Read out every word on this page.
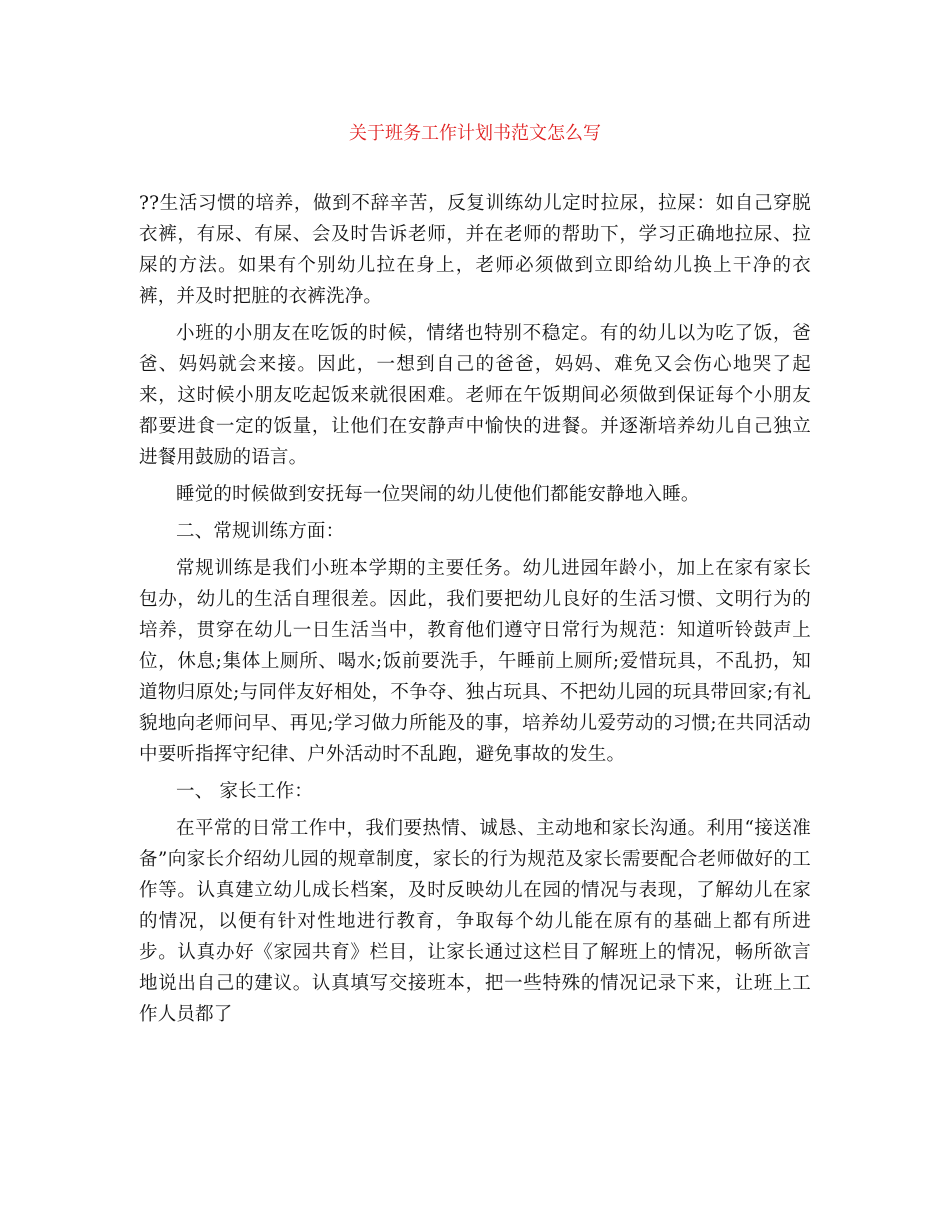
关于班务工作计划书范文怎么写

??生活习惯的培养，做到不辞辛苦，反复训练幼儿定时拉尿，拉屎：如自己穿脱衣裤，有尿、有屎、会及时告诉老师，并在老师的帮助下，学习正确地拉尿、拉屎的方法。如果有个别幼儿拉在身上，老师必须做到立即给幼儿换上干净的衣裤，并及时把脏的衣裤洗净。

小班的小朋友在吃饭的时候，情绪也特别不稳定。有的幼儿以为吃了饭，爸爸、妈妈就会来接。因此，一想到自己的爸爸，妈妈、难免又会伤心地哭了起来，这时候小朋友吃起饭来就很困难。老师在午饭期间必须做到保证每个小朋友都要进食一定的饭量，让他们在安静声中愉快的进餐。并逐渐培养幼儿自己独立进餐用鼓励的语言。

睡觉的时候做到安抚每一位哭闹的幼儿使他们都能安静地入睡。

二、常规训练方面：

常规训练是我们小班本学期的主要任务。幼儿进园年龄小，加上在家有家长包办，幼儿的生活自理很差。因此，我们要把幼儿良好的生活习惯、文明行为的培养，贯穿在幼儿一日生活当中，教育他们遵守日常行为规范：知道听铃鼓声上位，休息;集体上厕所、喝水;饭前要洗手，午睡前上厕所;爱惜玩具，不乱扔，知道物归原处;与同伴友好相处，不争夺、独占玩具、不把幼儿园的玩具带回家;有礼貌地向老师问早、再见;学习做力所能及的事，培养幼儿爱劳动的习惯;在共同活动中要听指挥守纪律、户外活动时不乱跑，避免事故的发生。

一、 家长工作：

在平常的日常工作中，我们要热情、诚恳、主动地和家长沟通。利用“接送准备”向家长介绍幼儿园的规章制度，家长的行为规范及家长需要配合老师做好的工作等。认真建立幼儿成长档案，及时反映幼儿在园的情况与表现，了解幼儿在家的情况，以便有针对性地进行教育，争取每个幼儿能在原有的基础上都有所进步。认真办好《家园共育》栏目，让家长通过这栏目了解班上的情况，畅所欲言地说出自己的建议。认真填写交接班本，把一些特殊的情况记录下来，让班上工作人员都了
